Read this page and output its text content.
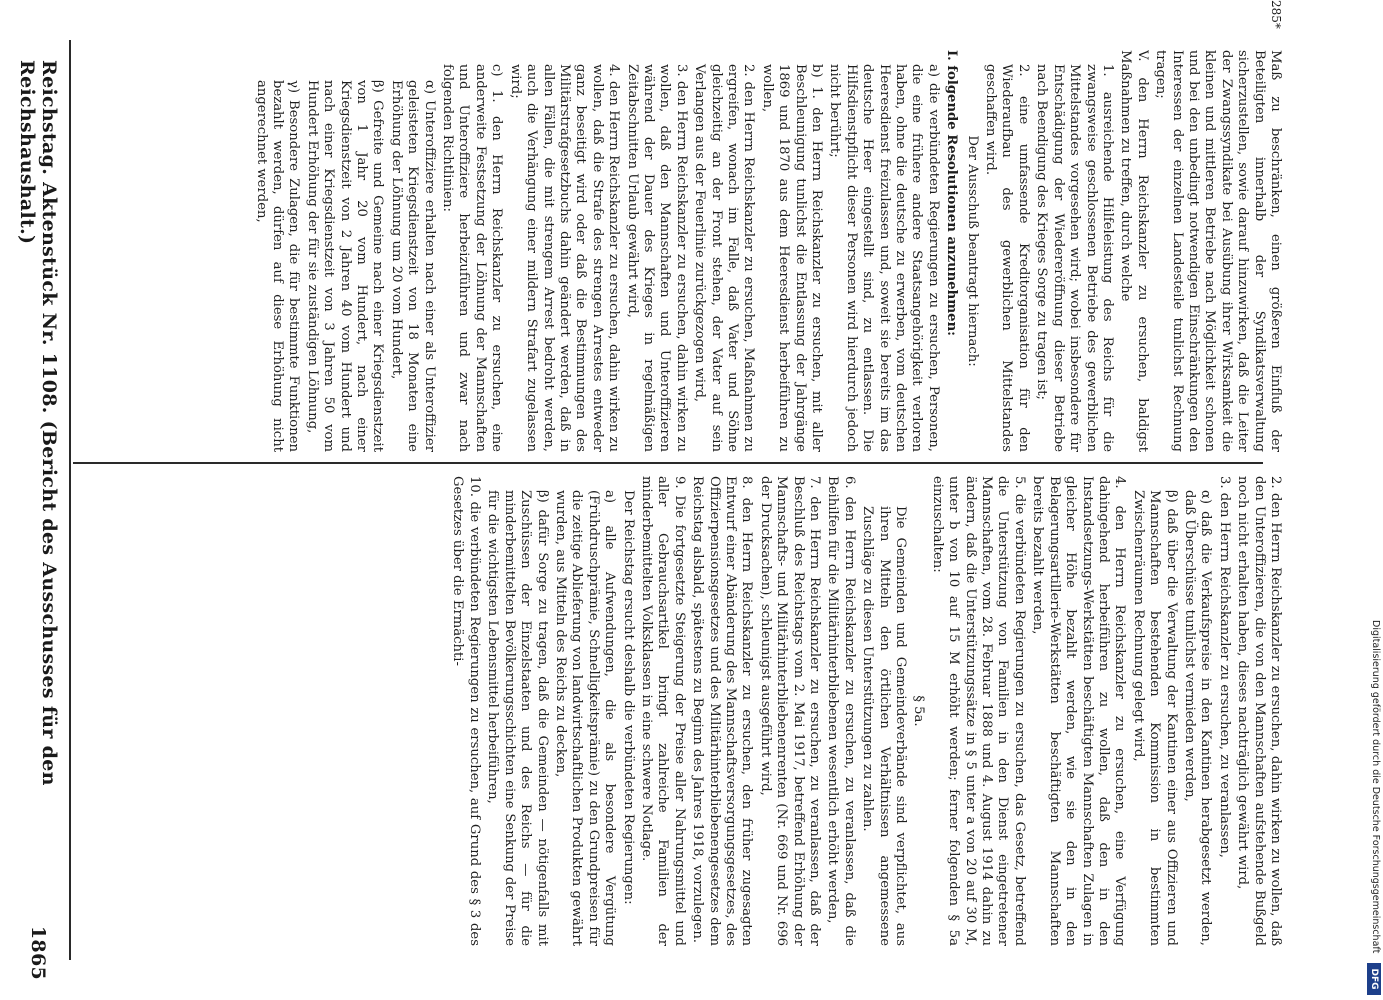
Reichstag. Aktenstück Nr. 1108. (Bericht des Ausschusses für den Reichshaushalt.)
1865

Maß zu beschränken, einen größeren Einfluß der Beteiligten innerhalb der Syndikatsverwaltung sicherzustellen, sowie darauf hinzuwirken, daß die Leiter der Zwangssyndikate bei Ausübung ihrer Wirksamkeit die kleinen und mittleren Betriebe nach Möglichkeit schonen und bei den unbedingt notwendigen Einschränkungen den Interessen der einzelnen Landesteile tunlichst Rechnung tragen;

V. den Herrn Reichskanzler zu ersuchen, baldigst Maßnahmen zu treffen, durch welche

1. ausreichende Hilfeleistung des Reichs für die zwangsweise geschlossenen Betriebe des gewerblichen Mittelstandes vorgesehen wird; wobei insbesondere für Entschädigung der Wiedereröffnung dieser Betriebe nach Beendigung des Krieges Sorge zu tragen ist;

2. eine umfassende Kreditorganisation für den Wiederaufbau des gewerblichen Mittelstandes geschaffen wird.

Der Ausschuß beantragt hiernach:

I. folgende Resolutionen anzunehmen:

a) die verbündeten Regierungen zu ersuchen, Personen, die eine frühere andere Staatsangehörigkeit verloren haben, ohne die deutsche zu erwerben, vom deutschen Heeresdienst freizulassen und, soweit sie bereits im das deutsche Heer eingestellt sind, zu entlassen. Die Hilfsdienstpflicht dieser Personen wird hierdurch jedoch nicht berührt;

b) 1. den Herrn Reichskanzler zu ersuchen, mit aller Beschleunigung tunlichst die Entlassung der Jahrgänge 1869 und 1870 aus dem Heeresdienst herbeiführen zu wollen,

2. den Herrn Reichskanzler zu ersuchen, Maßnahmen zu ergreifen, wonach im Falle, daß Vater und Söhne gleichzeitig an der Front stehen, der Vater auf sein Verlangen aus der Feuerlinie zurückgezogen wird,

3. den Herrn Reichskanzler zu ersuchen, dahin wirken zu wollen, daß den Mannschaften und Unteroffizieren während der Dauer des Krieges in regelmäßigen Zeitabschnitten Urlaub gewährt wird,

4. den Herrn Reichskanzler zu ersuchen, dahin wirken zu wollen, daß die Strafe des strengen Arrestes entweder ganz beseitigt wird oder daß die Bestimmungen des Militärstrafgesetzbuchs dahin geändert werden, daß in allen Fällen, die mit strengem Arrest bedroht werden, auch die Verhängung einer mildern Strafart zugelassen wird;

c) 1. den Herrn Reichskanzler zu ersuchen, eine anderweite Festsetzung der Löhnung der Mannschaften und Unteroffiziere herbeizuführen und zwar nach folgenden Richtlinien:

α) Unteroffiziere erhalten nach einer als Unteroffizier geleisteten Kriegsdienstzeit von 18 Monaten eine Erhöhung der Löhnung um 20 vom Hundert,

β) Gefreite und Gemeine nach einer Kriegsdienstzeit von 1 Jahr 20 vom Hundert, nach einer Kriegsdienstzeit von 2 Jahren 40 vom Hundert und nach einer Kriegsdienstzeit von 3 Jahren 50 vom Hundert Erhöhung der für sie zuständigen Löhnung,

γ) Besondere Zulagen, die für bestimmte Funktionen bezahlt werden, dürfen auf diese Erhöhung nicht angerechnet werden,

2. den Herrn Reichskanzler zu ersuchen, dahin wirken zu wollen, daß den Unteroffizieren, die von den Mannschaften aufstehende Bußgeld noch nicht erhalten haben, dieses nachträglich gewährt wird,

3. den Herrn Reichskanzler zu ersuchen, zu veranlassen,

α) daß die Verkaufspreise in den Kantinen herabgesetzt werden, daß Überschüsse tunlichst vermieden werden,

β) daß über die Verwaltung der Kantinen einer aus Offizieren und Mannschaften bestehenden Kommission in bestimmten Zwischenräumen Rechnung gelegt wird,

4. den Herrn Reichskanzler zu ersuchen, eine Verfügung dahingehend herbeiführen zu wollen, daß den in den Instandsetzungs-Werkstätten beschäftigten Mannschaften Zulagen in gleicher Höhe bezahlt werden, wie sie den in den Belagerungsartillerie-Werkstätten beschäftigten Mannschaften bereits bezahlt werden,

5. die verbündeten Regierungen zu ersuchen, das Gesetz, betreffend die Unterstützung von Familien in den Dienst eingetretener Mannschaften, vom 28. Februar 1888 und 4. August 1914 dahin zu ändern, daß die Unterstützungssätze in § 5 unter a von 20 auf 30 M, unter b von 10 auf 15 M erhöht werden; ferner folgenden § 5a einzuschalten:

§ 5a.

Die Gemeinden und Gemeindeverbände sind verpflichtet, aus ihren Mitteln den örtlichen Verhältnissen angemessene Zuschläge zu diesen Unterstützungen zu zahlen.

6. den Herrn Reichskanzler zu ersuchen, zu veranlassen, daß die Beihilfen für die Militärhinterbliebenen wesentlich erhöht werden,

7. den Herrn Reichskanzler zu ersuchen, zu veranlassen, daß der Beschluß des Reichstags vom 2. Mai 1917, betreffend Erhöhung der Mannschafts- und Militärhinterbliebenenrenten (Nr. 669 und Nr. 696 der Drucksachen), schleunigst ausgeführt wird,

8. den Herrn Reichskanzler zu ersuchen, den früher zugesagten Entwurf einer Abänderung des Mannschaftsversorgungsgesetzes, des Offizierpensionsgesetzes und des Militärhinterbliebenengesetzes dem Reichstag alsbald, spätestens zu Beginn des Jahres 1918, vorzulegen.

9. Die fortgesetzte Steigerung der Preise aller Nahrungsmittel und aller Gebrauchsartikel bringt zahlreiche Familien der minderbemittelten Volksklassen in eine schwere Notlage.

Der Reichstag ersucht deshalb die verbündeten Regierungen:

a) alle Aufwendungen, die als besondere Vergütung (Frühdruschprämie, Schnelligkeitsprämie) zu den Grundpreisen für die zeitige Ablieferung von landwirtschaftlichen Produkten gewährt wurden, aus Mitteln des Reichs zu decken,

β) dafür Sorge zu tragen, daß die Gemeinden — nötigenfalls mit Zuschüssen der Einzelstaaten und des Reichs — für die minderbemittelten Bevölkerungsschichten eine Senkung der Preise für die wichtigsten Lebensmittel herbeiführen,

10. die verbündeten Regierungen zu ersuchen, auf Grund des § 3 des Gesetzes über die Ermächti-

285*
Digitalisierung gefördert durch die Deutsche Forschungsgemeinschaft
DFG
